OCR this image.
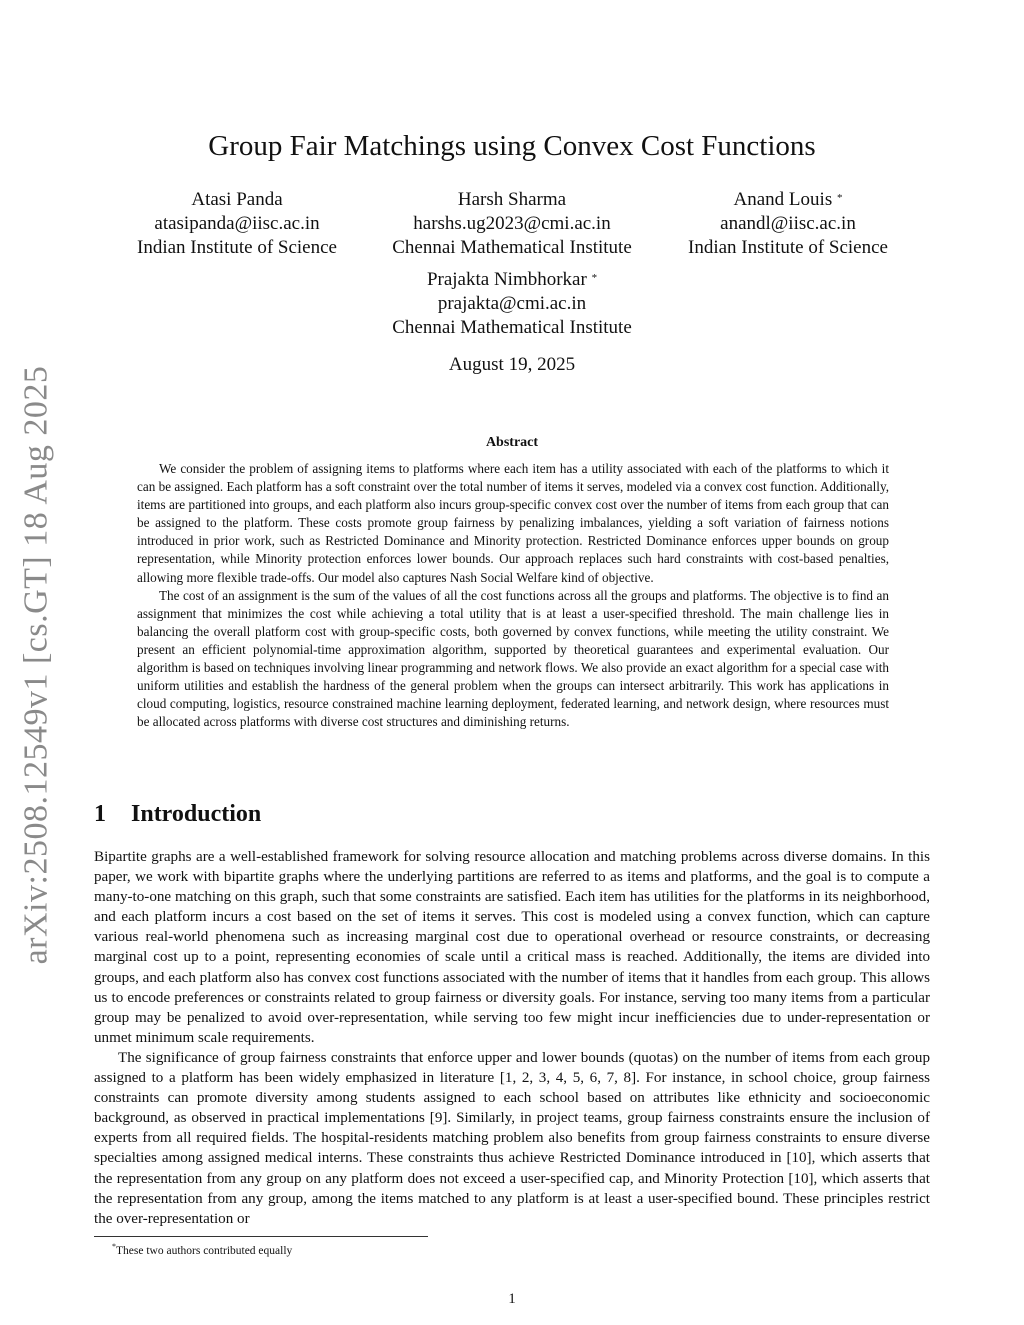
arXiv:2508.12549v1 [cs.GT] 18 Aug 2025
Group Fair Matchings using Convex Cost Functions
Atasi Panda
atasipanda@iisc.ac.in
Indian Institute of Science
Harsh Sharma
harshs.ug2023@cmi.ac.in
Chennai Mathematical Institute
Anand Louis *
anandl@iisc.ac.in
Indian Institute of Science
Prajakta Nimbhorkar *
prajakta@cmi.ac.in
Chennai Mathematical Institute
August 19, 2025
Abstract

We consider the problem of assigning items to platforms where each item has a utility associated with each of the platforms to which it can be assigned. Each platform has a soft constraint over the total number of items it serves, modeled via a convex cost function. Additionally, items are partitioned into groups, and each platform also incurs group-specific convex cost over the number of items from each group that can be assigned to the platform. These costs promote group fairness by penalizing imbalances, yielding a soft variation of fairness notions introduced in prior work, such as Restricted Dominance and Minority protection. Restricted Dominance enforces upper bounds on group representation, while Minority protection enforces lower bounds. Our approach replaces such hard constraints with cost-based penalties, allowing more flexible trade-offs. Our model also captures Nash Social Welfare kind of objective.

The cost of an assignment is the sum of the values of all the cost functions across all the groups and platforms. The objective is to find an assignment that minimizes the cost while achieving a total utility that is at least a user-specified threshold. The main challenge lies in balancing the overall platform cost with group-specific costs, both governed by convex functions, while meeting the utility constraint. We present an efficient polynomial-time approximation algorithm, supported by theoretical guarantees and experimental evaluation. Our algorithm is based on techniques involving linear programming and network flows. We also provide an exact algorithm for a special case with uniform utilities and establish the hardness of the general problem when the groups can intersect arbitrarily. This work has applications in cloud computing, logistics, resource constrained machine learning deployment, federated learning, and network design, where resources must be allocated across platforms with diverse cost structures and diminishing returns.

1 Introduction

Bipartite graphs are a well-established framework for solving resource allocation and matching problems across diverse domains. In this paper, we work with bipartite graphs where the underlying partitions are referred to as items and platforms, and the goal is to compute a many-to-one matching on this graph, such that some constraints are satisfied. Each item has utilities for the platforms in its neighborhood, and each platform incurs a cost based on the set of items it serves. This cost is modeled using a convex function, which can capture various real-world phenomena such as increasing marginal cost due to operational overhead or resource constraints, or decreasing marginal cost up to a point, representing economies of scale until a critical mass is reached. Additionally, the items are divided into groups, and each platform also has convex cost functions associated with the number of items that it handles from each group. This allows us to encode preferences or constraints related to group fairness or diversity goals. For instance, serving too many items from a particular group may be penalized to avoid over-representation, while serving too few might incur inefficiencies due to under-representation or unmet minimum scale requirements.

The significance of group fairness constraints that enforce upper and lower bounds (quotas) on the number of items from each group assigned to a platform has been widely emphasized in literature [1, 2, 3, 4, 5, 6, 7, 8]. For instance, in school choice, group fairness constraints can promote diversity among students assigned to each school based on attributes like ethnicity and socioeconomic background, as observed in practical implementations [9]. Similarly, in project teams, group fairness constraints ensure the inclusion of experts from all required fields. The hospital-residents matching problem also benefits from group fairness constraints to ensure diverse specialties among assigned medical interns. These constraints thus achieve Restricted Dominance introduced in [10], which asserts that the representation from any group on any platform does not exceed a user-specified cap, and Minority Protection [10], which asserts that the representation from any group, among the items matched to any platform is at least a user-specified bound. These principles restrict the over-representation or

*These two authors contributed equally
1
